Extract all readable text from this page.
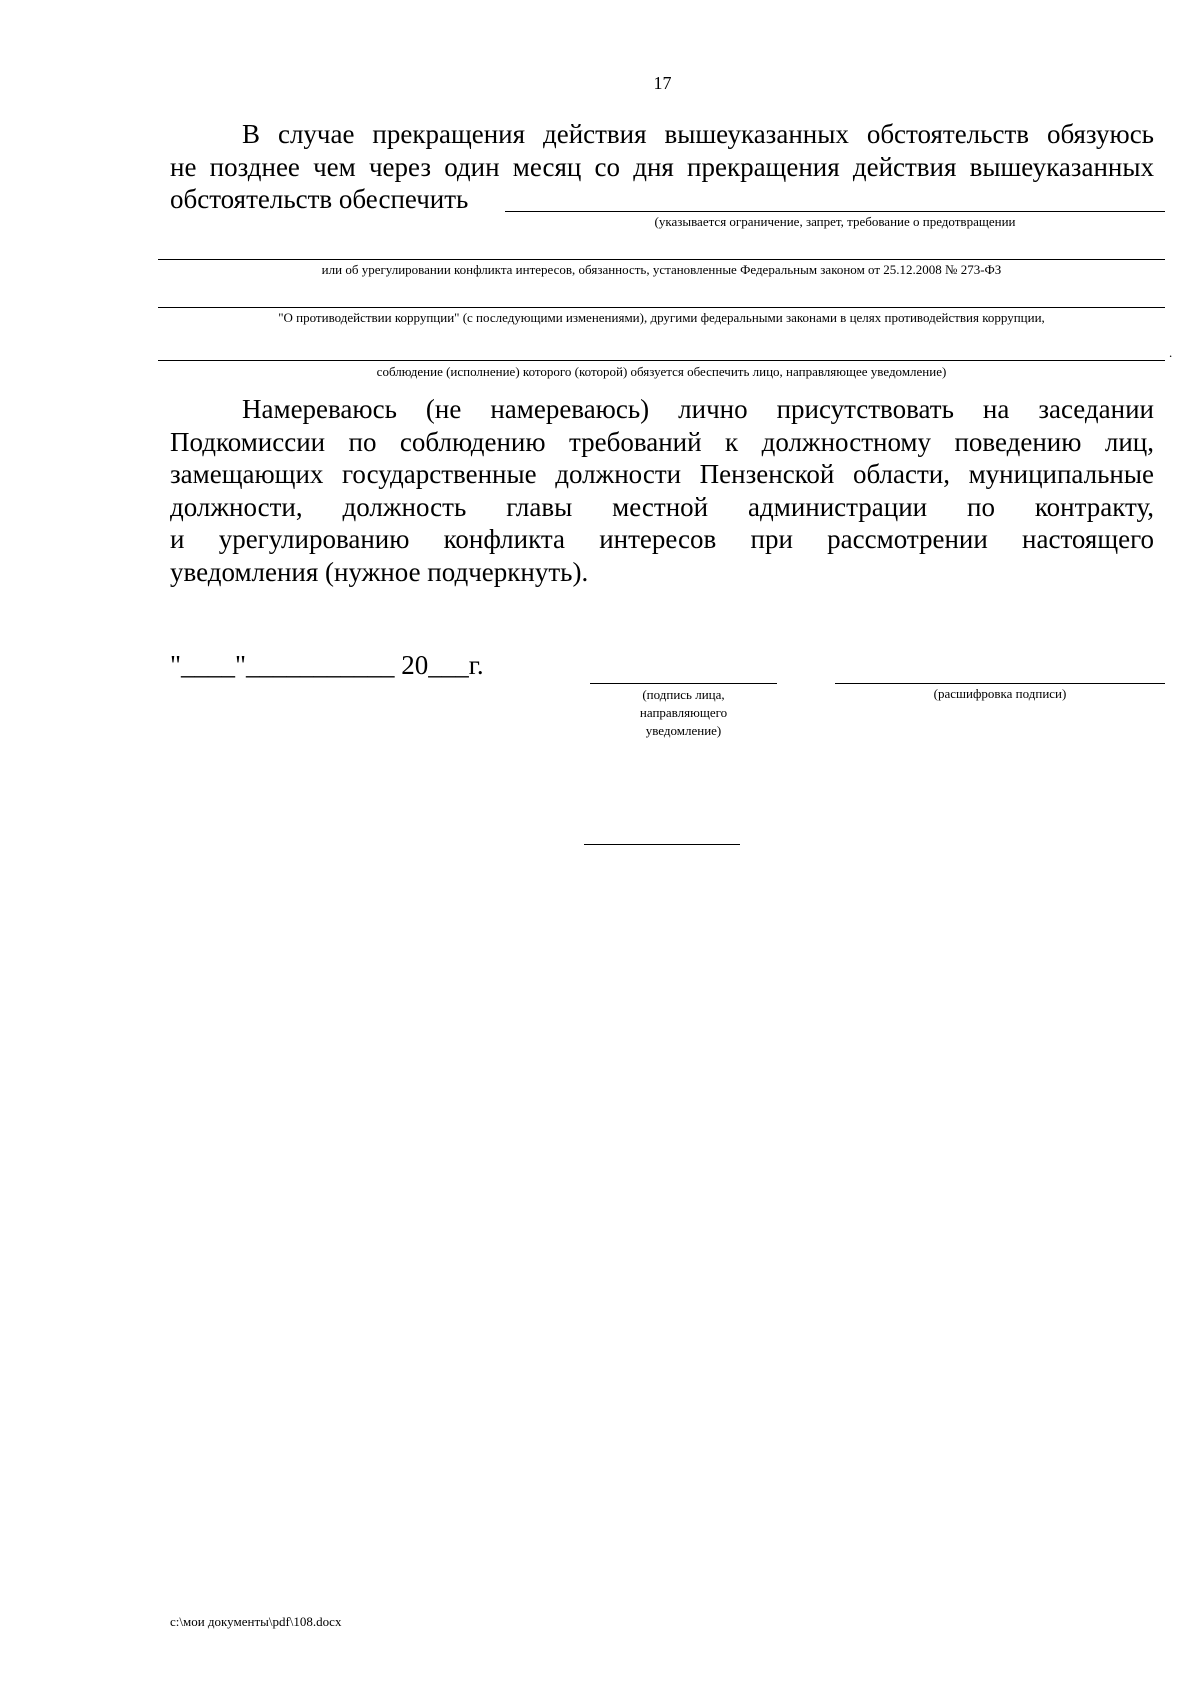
17
В случае прекращения действия вышеуказанных обстоятельств обязуюсь
не позднее чем через один месяц со дня прекращения действия вышеуказанных
обстоятельств обеспечить
(указывается ограничение, запрет, требование о предотвращении
или об урегулировании конфликта интересов, обязанность, установленные Федеральным законом от 25.12.2008 № 273-ФЗ
"О противодействии коррупции" (с последующими изменениями), другими федеральными законами в целях противодействия коррупции,
.
соблюдение (исполнение) которого (которой) обязуется обеспечить лицо, направляющее уведомление)
Намереваюсь (не намереваюсь) лично присутствовать на заседании
Подкомиссии по соблюдению требований к должностному поведению лиц,
замещающих государственные должности Пензенской области, муниципальные
должности, должность главы местной администрации по контракту,
и урегулированию конфликта интересов при рассмотрении настоящего
уведомления (нужное подчеркнуть).
"____"___________ 20___г.
(подпись лица,
направляющего
уведомление)
(расшифровка подписи)
c:\мои документы\pdf\108.docx
